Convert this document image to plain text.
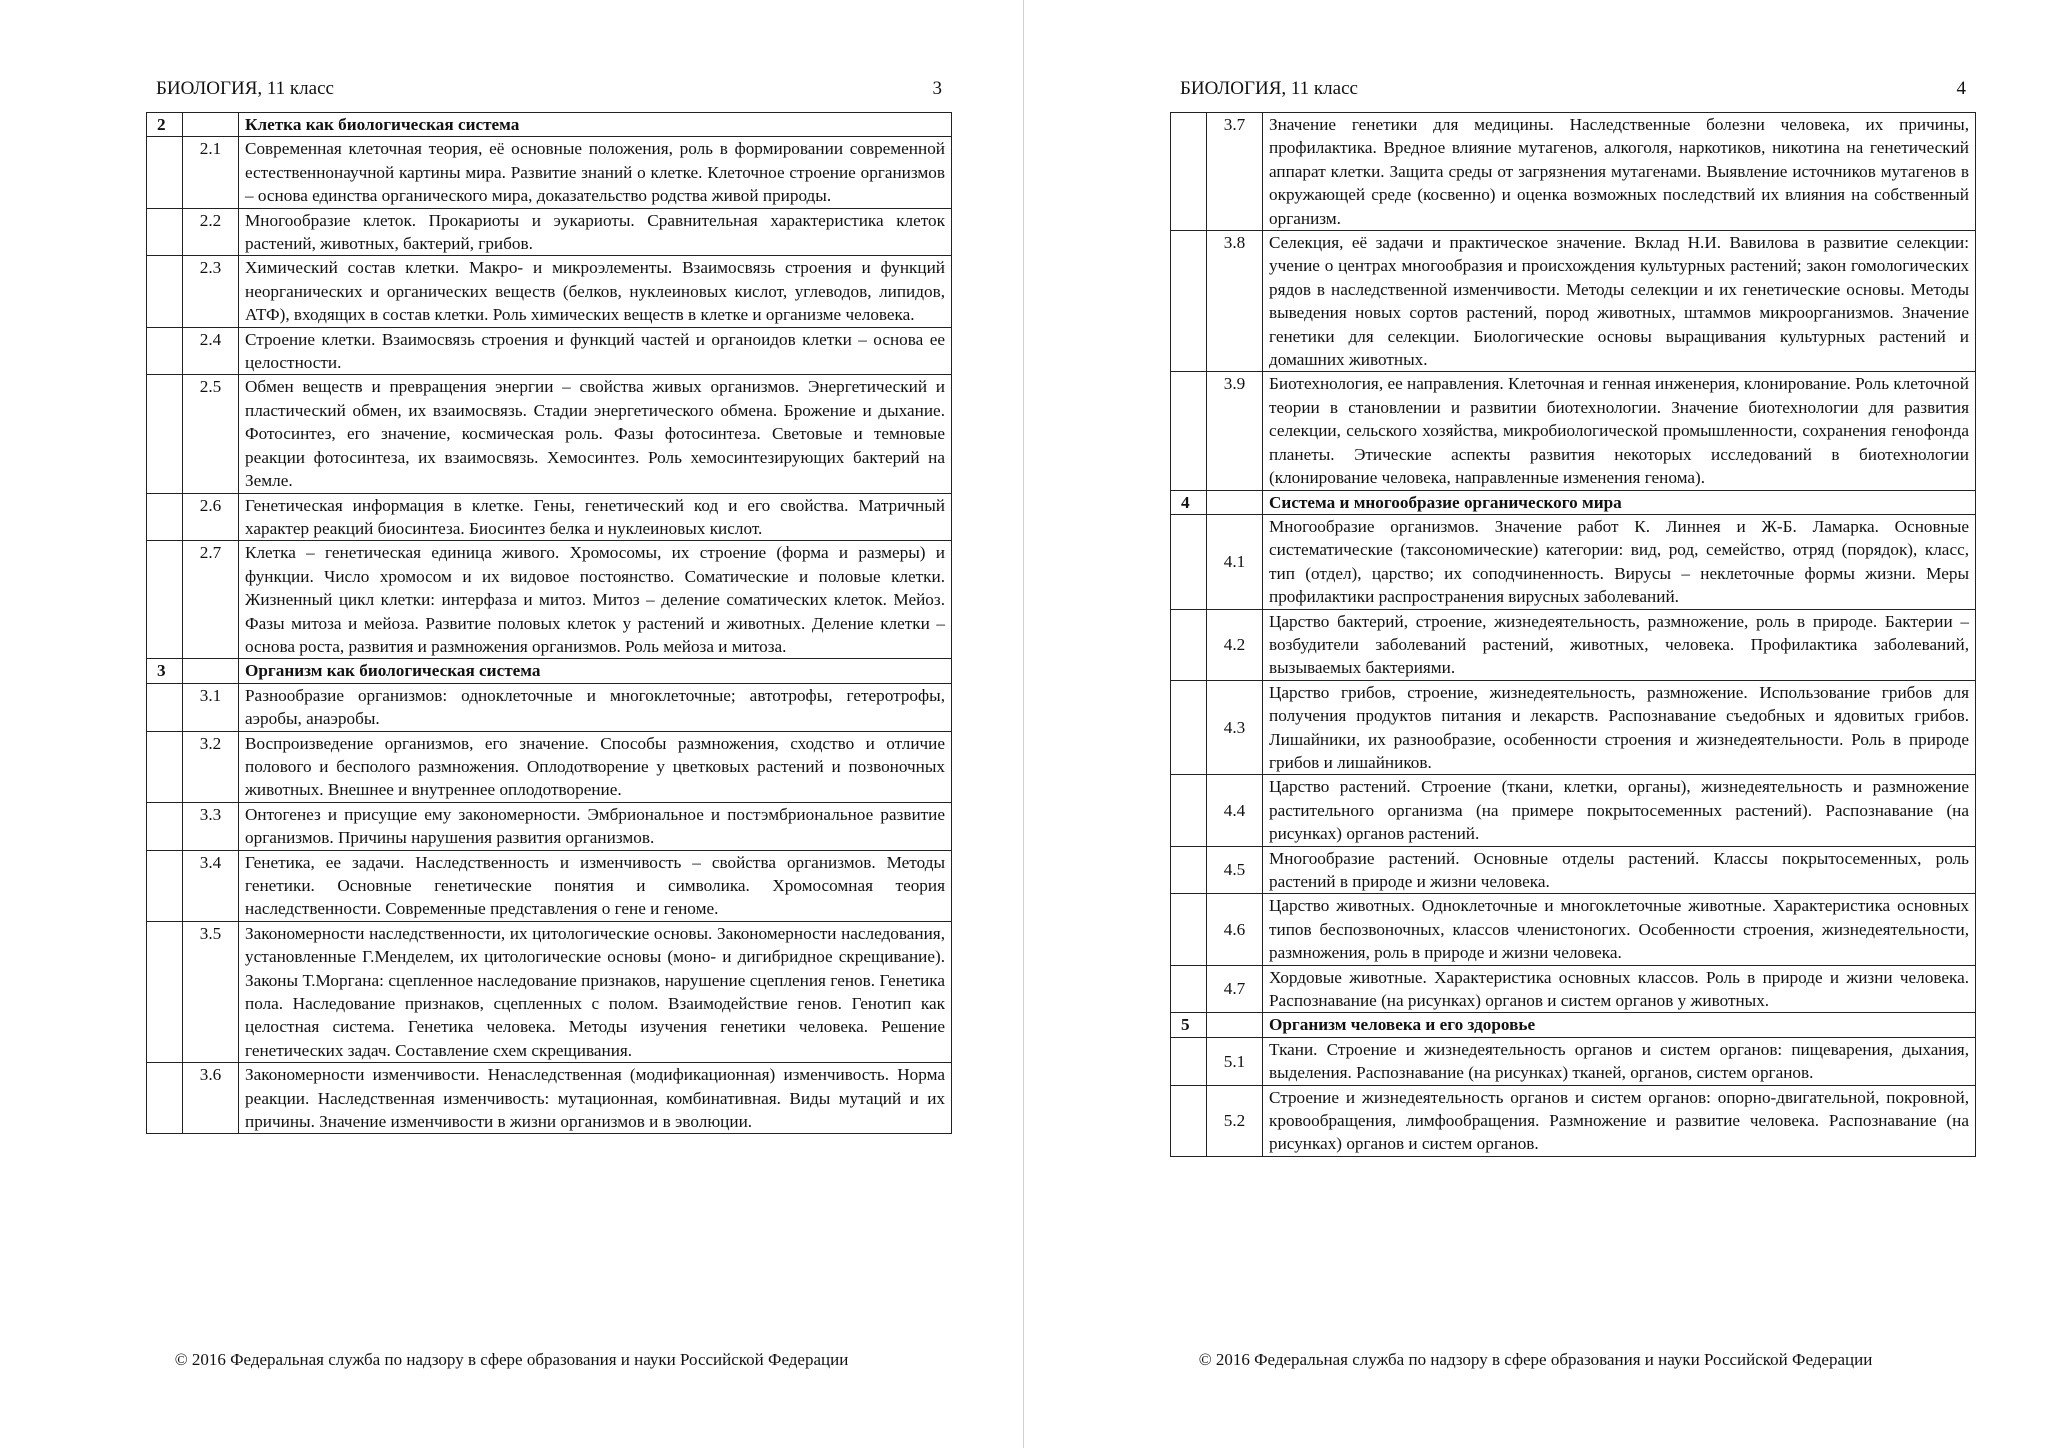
БИОЛОГИЯ, 11 класс	3
2		Клетка как биологическая система
	2.1	Современная клеточная теория, её основные положения, роль в формировании современной естественнонаучной картины мира. Развитие знаний о клетке. Клеточное строение организмов – основа единства органического мира, доказательство родства живой природы.
	2.2	Многообразие клеток. Прокариоты и эукариоты. Сравнительная характеристика клеток растений, животных, бактерий, грибов.
	2.3	Химический состав клетки. Макро- и микроэлементы. Взаимосвязь строения и функций неорганических и органических веществ (белков, нуклеиновых кислот, углеводов, липидов, АТФ), входящих в состав клетки. Роль химических веществ в клетке и организме человека.
	2.4	Строение клетки. Взаимосвязь строения и функций частей и органоидов клетки – основа ее целостности.
	2.5	Обмен веществ и превращения энергии – свойства живых организмов. Энергетический и пластический обмен, их взаимосвязь. Стадии энергетического обмена. Брожение и дыхание. Фотосинтез, его значение, космическая роль. Фазы фотосинтеза. Световые и темновые реакции фотосинтеза, их взаимосвязь. Хемосинтез. Роль хемосинтезирующих бактерий на Земле.
	2.6	Генетическая информация в клетке. Гены, генетический код и его свойства. Матричный характер реакций биосинтеза. Биосинтез белка и нуклеиновых кислот.
	2.7	Клетка – генетическая единица живого. Хромосомы, их строение (форма и размеры) и функции. Число хромосом и их видовое постоянство. Соматические и половые клетки. Жизненный цикл клетки: интерфаза и митоз. Митоз – деление соматических клеток. Мейоз. Фазы митоза и мейоза. Развитие половых клеток у растений и животных. Деление клетки – основа роста, развития и размножения организмов. Роль мейоза и митоза.
3		Организм как биологическая система
	3.1	Разнообразие организмов: одноклеточные и многоклеточные; автотрофы, гетеротрофы, аэробы, анаэробы.
	3.2	Воспроизведение организмов, его значение. Способы размножения, сходство и отличие полового и бесполого размножения. Оплодотворение у цветковых растений и позвоночных животных. Внешнее и внутреннее оплодотворение.
	3.3	Онтогенез и присущие ему закономерности. Эмбриональное и постэмбриональное развитие организмов. Причины нарушения развития организмов.
	3.4	Генетика, ее задачи. Наследственность и изменчивость – свойства организмов. Методы генетики. Основные генетические понятия и символика. Хромосомная теория наследственности. Современные представления о гене и геноме.
	3.5	Закономерности наследственности, их цитологические основы. Закономерности наследования, установленные Г.Менделем, их цитологические основы (моно- и дигибридное скрещивание). Законы Т.Моргана: сцепленное наследование признаков, нарушение сцепления генов. Генетика пола. Наследование признаков, сцепленных с полом. Взаимодействие генов. Генотип как целостная система. Генетика человека. Методы изучения генетики человека. Решение генетических задач. Составление схем скрещивания.
	3.6	Закономерности изменчивости. Ненаследственная (модификационная) изменчивость. Норма реакции. Наследственная изменчивость: мутационная, комбинативная. Виды мутаций и их причины. Значение изменчивости в жизни организмов и в эволюции.
© 2016 Федеральная служба по надзору в сфере образования и науки Российской Федерации
БИОЛОГИЯ, 11 класс	4
	3.7	Значение генетики для медицины. Наследственные болезни человека, их причины, профилактика. Вредное влияние мутагенов, алкоголя, наркотиков, никотина на генетический аппарат клетки. Защита среды от загрязнения мутагенами. Выявление источников мутагенов в окружающей среде (косвенно) и оценка возможных последствий их влияния на собственный организм.
	3.8	Селекция, её задачи и практическое значение. Вклад Н.И. Вавилова в развитие селекции: учение о центрах многообразия и происхождения культурных растений; закон гомологических рядов в наследственной изменчивости. Методы селекции и их генетические основы. Методы выведения новых сортов растений, пород животных, штаммов микроорганизмов. Значение генетики для селекции. Биологические основы выращивания культурных растений и домашних животных.
	3.9	Биотехнология, ее направления. Клеточная и генная инженерия, клонирование. Роль клеточной теории в становлении и развитии биотехнологии. Значение биотехнологии для развития селекции, сельского хозяйства, микробиологической промышленности, сохранения генофонда планеты. Этические аспекты развития некоторых исследований в биотехнологии (клонирование человека, направленные изменения генома).
4		Система и многообразие органического мира
	4.1	Многообразие организмов. Значение работ К. Линнея и Ж-Б. Ламарка. Основные систематические (таксономические) категории: вид, род, семейство, отряд (порядок), класс, тип (отдел), царство; их соподчиненность. Вирусы – неклеточные формы жизни. Меры профилактики распространения вирусных заболеваний.
	4.2	Царство бактерий, строение, жизнедеятельность, размножение, роль в природе. Бактерии – возбудители заболеваний растений, животных, человека. Профилактика заболеваний, вызываемых бактериями.
	4.3	Царство грибов, строение, жизнедеятельность, размножение. Использование грибов для получения продуктов питания и лекарств. Распознавание съедобных и ядовитых грибов. Лишайники, их разнообразие, особенности строения и жизнедеятельности. Роль в природе грибов и лишайников.
	4.4	Царство растений. Строение (ткани, клетки, органы), жизнедеятельность и размножение растительного организма (на примере покрытосеменных растений). Распознавание (на рисунках) органов растений.
	4.5	Многообразие растений. Основные отделы растений. Классы покрытосеменных, роль растений в природе и жизни человека.
	4.6	Царство животных. Одноклеточные и многоклеточные животные. Характеристика основных типов беспозвоночных, классов членистоногих. Особенности строения, жизнедеятельности, размножения, роль в природе и жизни человека.
	4.7	Хордовые животные. Характеристика основных классов. Роль в природе и жизни человека. Распознавание (на рисунках) органов и систем органов у животных.
5		Организм человека и его здоровье
	5.1	Ткани. Строение и жизнедеятельность органов и систем органов: пищеварения, дыхания, выделения. Распознавание (на рисунках) тканей, органов, систем органов.
	5.2	Строение и жизнедеятельность органов и систем органов: опорно-двигательной, покровной, кровообращения, лимфообращения. Размножение и развитие человека. Распознавание (на рисунках) органов и систем органов.
© 2016 Федеральная служба по надзору в сфере образования и науки Российской Федерации
